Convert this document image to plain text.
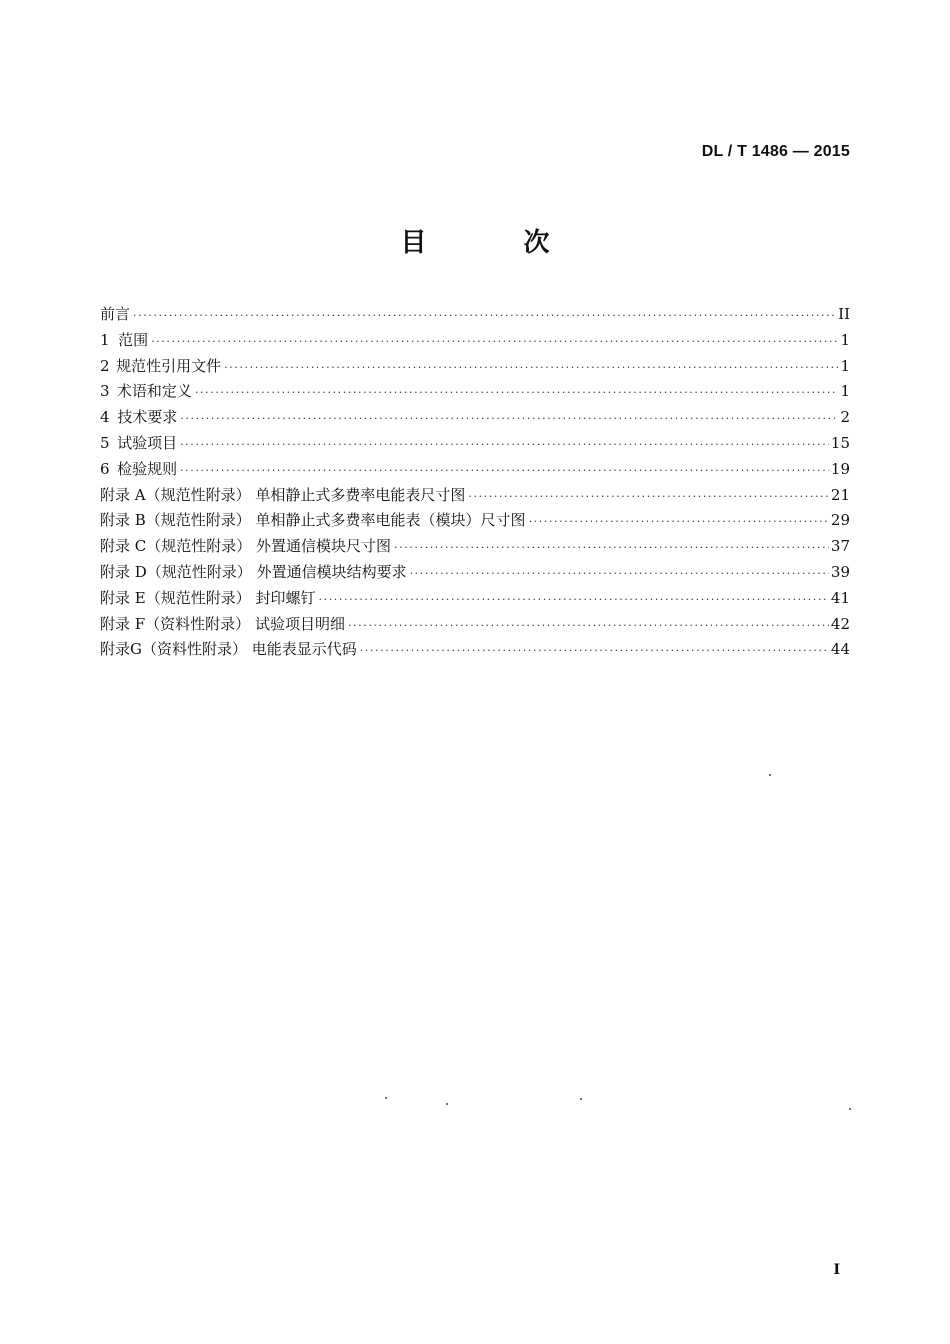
DL / T 1486 — 2015
目 次
前言 ·····	II
1 范围 ·····	1
2 规范性引用文件 ·····	1
3 术语和定义 ·····	1
4 技术要求 ·····	2
5 试验项目 ·····	15
6 检验规则 ·····	19
附录 A（规范性附录） 单相静止式多费率电能表尺寸图 ·····	21
附录 B（规范性附录） 单相静止式多费率电能表（模块）尺寸图 ·····	29
附录 C（规范性附录） 外置通信模块尺寸图 ·····	37
附录 D（规范性附录） 外置通信模块结构要求 ·····	39
附录 E（规范性附录） 封印螺钉 ·····	41
附录 F（资料性附录） 试验项目明细 ·····	42
附录G（资料性附录） 电能表显示代码 ·····	44
I
